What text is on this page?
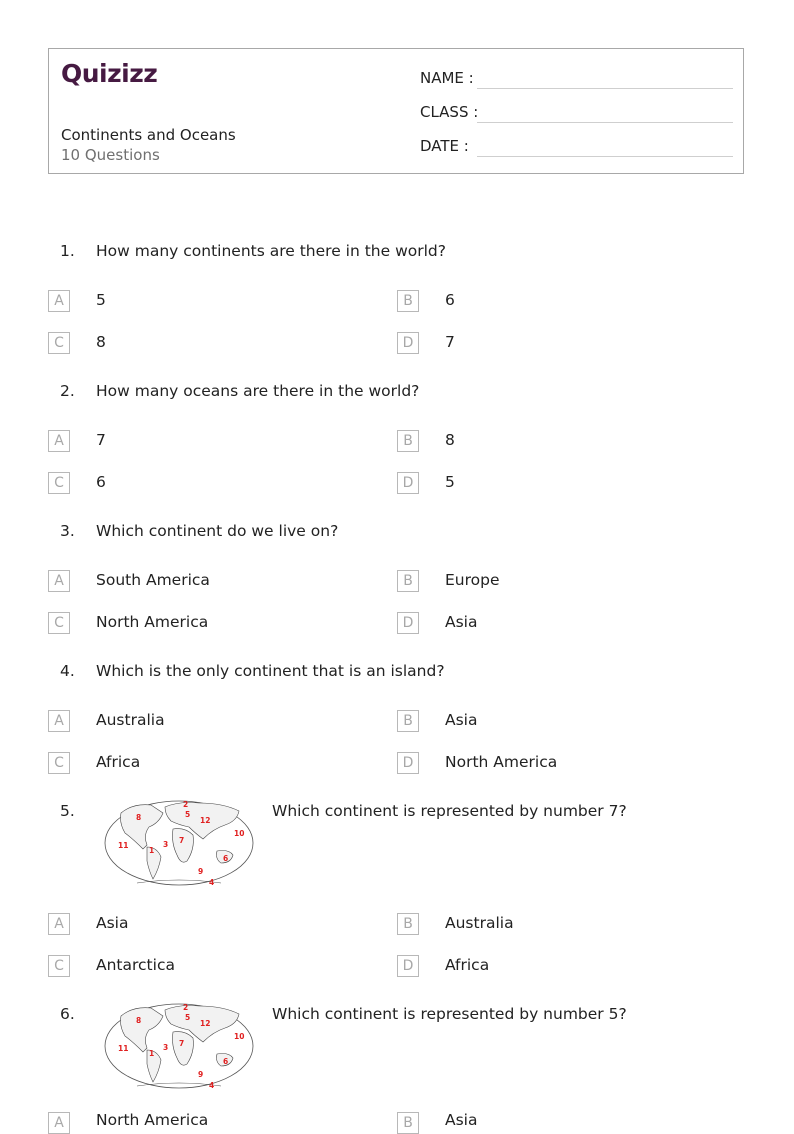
Quizizz
Continents and Oceans
10 Questions
NAME :
CLASS :
DATE :
1. How many continents are there in the world?
A	5	B	6
C	8	D	7
2. How many oceans are there in the world?
A	7	B	8
C	6	D	5
3. Which continent do we live on?
A	South America	B	Europe
C	North America	D	Asia
4. Which is the only continent that is an island?
A	Australia	B	Asia
C	Africa	D	North America
5.
1
2
3
4
5
6
7
8
9
10
11
12
Which continent is represented by number 7?
A	Asia	B	Australia
C	Antarctica	D	Africa
6.
1
2
3
4
5
6
7
8
9
10
11
12
Which continent is represented by number 5?
A	North America	B	Asia
